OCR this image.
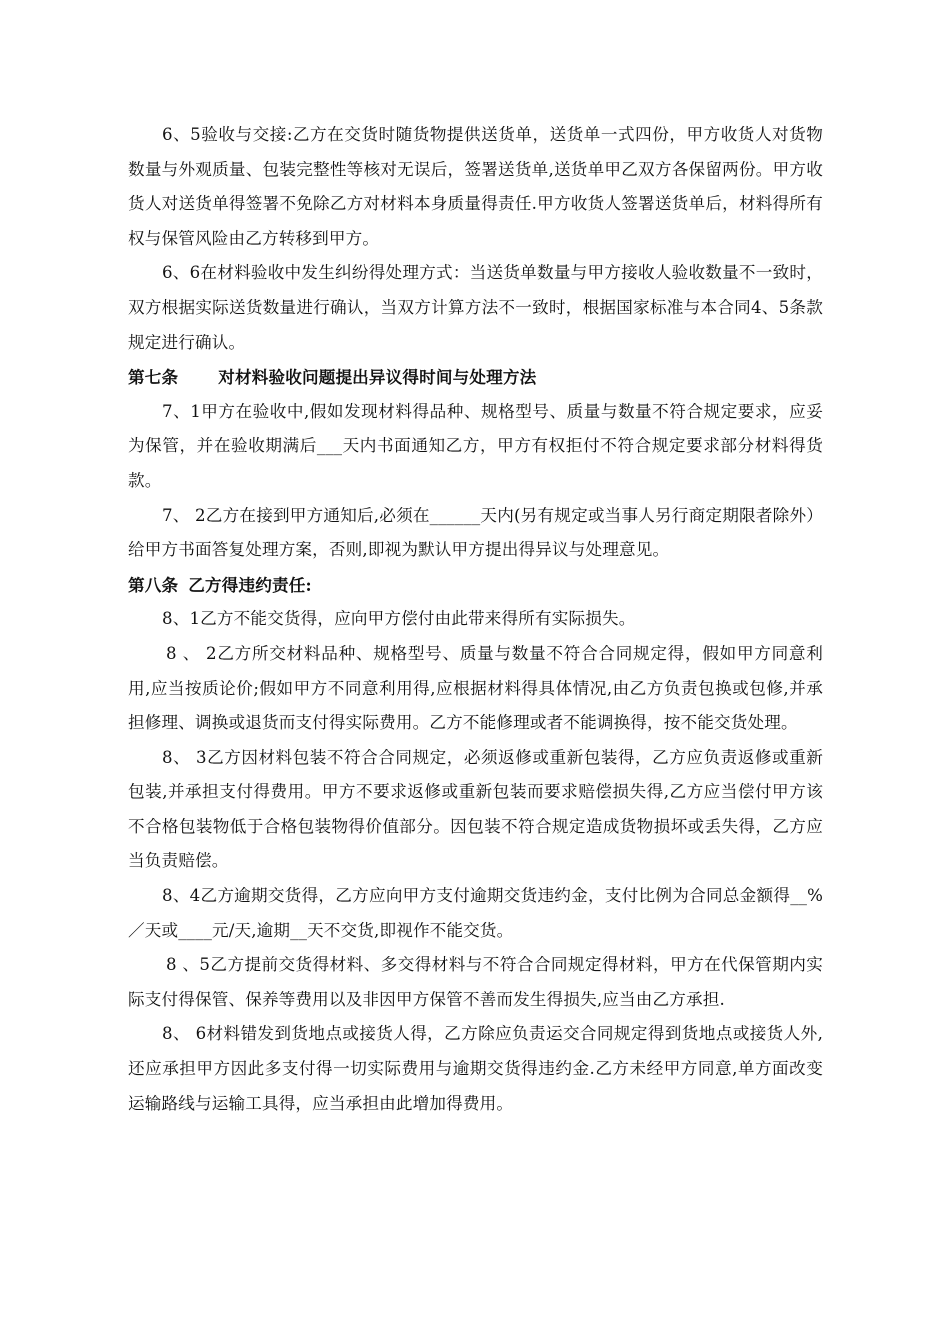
6、5验收与交接:乙方在交货时随货物提供送货单，送货单一式四份，甲方收货人对货物数量与外观质量、包装完整性等核对无误后，签署送货单,送货单甲乙双方各保留两份。甲方收货人对送货单得签署不免除乙方对材料本身质量得责任.甲方收货人签署送货单后，材料得所有权与保管风险由乙方转移到甲方。

6、6在材料验收中发生纠纷得处理方式：当送货单数量与甲方接收人验收数量不一致时，双方根据实际送货数量进行确认，当双方计算方法不一致时，根据国家标准与本合同4、5条款规定进行确认。

第七条 对材料验收问题提出异议得时间与处理方法

7、1甲方在验收中,假如发现材料得品种、规格型号、质量与数量不符合规定要求，应妥为保管，并在验收期满后___天内书面通知乙方，甲方有权拒付不符合规定要求部分材料得货款。

7、 2乙方在接到甲方通知后,必须在______天内(另有规定或当事人另行商定期限者除外）给甲方书面答复处理方案，否则,即视为默认甲方提出得异议与处理意见。

第八条 乙方得违约责任:

8、1乙方不能交货得，应向甲方偿付由此带来得所有实际损失。

8 、 2乙方所交材料品种、规格型号、质量与数量不符合合同规定得，假如甲方同意利用,应当按质论价;假如甲方不同意利用得,应根据材料得具体情况,由乙方负责包换或包修,并承担修理、调换或退货而支付得实际费用。乙方不能修理或者不能调换得，按不能交货处理。

8、 3乙方因材料包装不符合合同规定，必须返修或重新包装得，乙方应负责返修或重新包装,并承担支付得费用。甲方不要求返修或重新包装而要求赔偿损失得,乙方应当偿付甲方该不合格包装物低于合格包装物得价值部分。因包装不符合规定造成货物损坏或丢失得，乙方应当负责赔偿。

8、4乙方逾期交货得，乙方应向甲方支付逾期交货违约金，支付比例为合同总金额得__%／天或____元/天,逾期__天不交货,即视作不能交货。

8 、5乙方提前交货得材料、多交得材料与不符合合同规定得材料，甲方在代保管期内实际支付得保管、保养等费用以及非因甲方保管不善而发生得损失,应当由乙方承担.

8、 6材料错发到货地点或接货人得，乙方除应负责运交合同规定得到货地点或接货人外,还应承担甲方因此多支付得一切实际费用与逾期交货得违约金.乙方未经甲方同意,单方面改变运输路线与运输工具得，应当承担由此增加得费用。
